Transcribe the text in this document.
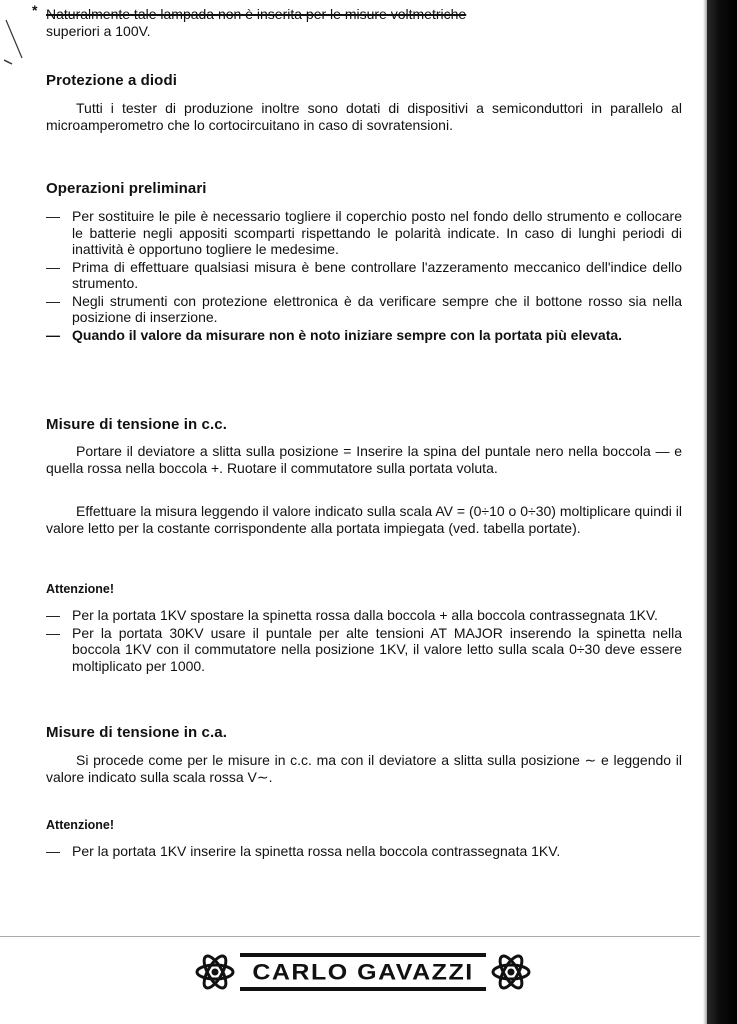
* Naturalmente tale lampada non è inserita per le misure voltmetriche
superiori a 100V.
Protezione a diodi

Tutti i tester di produzione inoltre sono dotati di dispositivi a semiconduttori in parallelo al microamperometro che lo cortocircuitano in caso di sovratensioni.

Operazioni preliminari
— Per sostituire le pile è necessario togliere il coperchio posto nel fondo dello strumento e collocare le batterie negli appositi scomparti rispettando le polarità indicate. In caso di lunghi periodi di inattività è opportuno togliere le medesime.
— Prima di effettuare qualsiasi misura è bene controllare l'azzeramento meccanico dell'indice dello strumento.
— Negli strumenti con protezione elettronica è da verificare sempre che il bottone rosso sia nella posizione di inserzione.
— Quando il valore da misurare non è noto iniziare sempre con la portata più elevata.
Misure di tensione in c.c.

Portare il deviatore a slitta sulla posizione = Inserire la spina del puntale nero nella boccola — e quella rossa nella boccola +. Ruotare il commutatore sulla portata voluta.

Effettuare la misura leggendo il valore indicato sulla scala AV = (0÷10 o 0÷30) moltiplicare quindi il valore letto per la costante corrispondente alla portata impiegata (ved. tabella portate).

Attenzione!
— Per la portata 1KV spostare la spinetta rossa dalla boccola + alla boccola contrassegnata 1KV.
— Per la portata 30KV usare il puntale per alte tensioni AT MAJOR inserendo la spinetta nella boccola 1KV con il commutatore nella posizione 1KV, il valore letto sulla scala 0÷30 deve essere moltiplicato per 1000.
Misure di tensione in c.a.

Si procede come per le misure in c.c. ma con il deviatore a slitta sulla posizione ∼ e leggendo il valore indicato sulla scala rossa V∼.

Attenzione!
— Per la portata 1KV inserire la spinetta rossa nella boccola contrassegnata 1KV.
CARLO GAVAZZI
